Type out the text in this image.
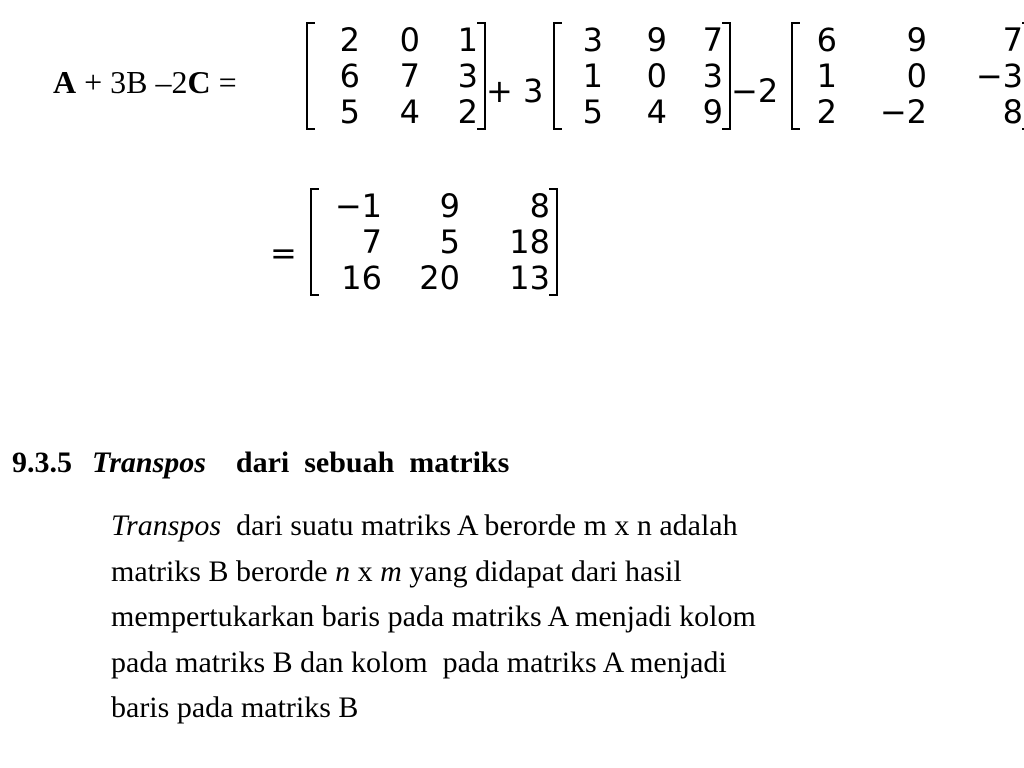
A + 3B –2C =
2	0	1
6	7	3
5	4	2
+ 3
3	9	7
1	0	3
5	4	9
−2
6	9	7
1	0	−3
2	−2	8
=
−1	9	8
7	5	18
16	20	13
9.3.5 Transpos dari  sebuah  matriks
Transpos  dari suatu matriks A berorde m x n adalah
matriks B berorde n x m yang didapat dari hasil
mempertukarkan baris pada matriks A menjadi kolom
pada matriks B dan kolom  pada matriks A menjadi
baris pada matriks B
